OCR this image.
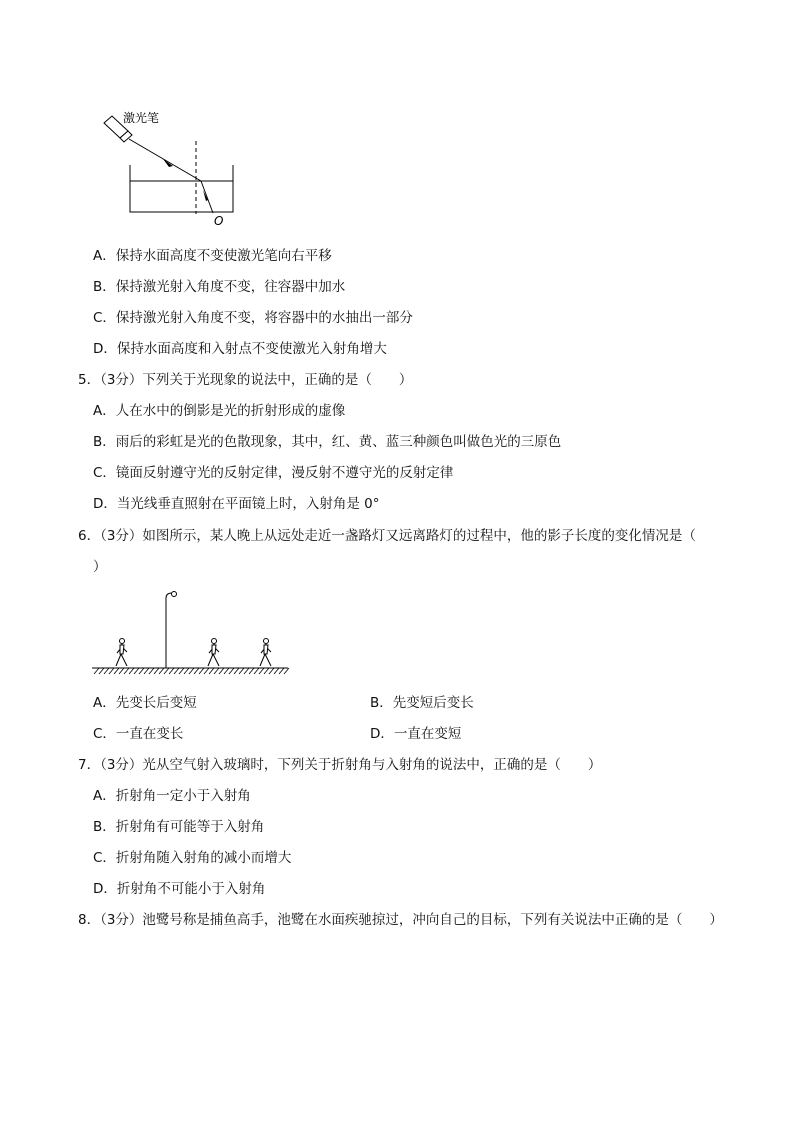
激光笔
O
A．保持水面高度不变使激光笔向右平移
B．保持激光射入角度不变，往容器中加水
C．保持激光射入角度不变，将容器中的水抽出一部分
D．保持水面高度和入射点不变使激光入射角增大
5．（3分）下列关于光现象的说法中，正确的是（　　）
A．人在水中的倒影是光的折射形成的虚像
B．雨后的彩虹是光的色散现象，其中，红、黄、蓝三种颜色叫做色光的三原色
C．镜面反射遵守光的反射定律，漫反射不遵守光的反射定律
D．当光线垂直照射在平面镜上时，入射角是 0°
6．（3分）如图所示，某人晚上从远处走近一盏路灯又远离路灯的过程中，他的影子长度的变化情况是（
）
A．先变长后变短	B．先变短后变长
C．一直在变长	D．一直在变短
7．（3分）光从空气射入玻璃时，下列关于折射角与入射角的说法中，正确的是（　　）
A．折射角一定小于入射角
B．折射角有可能等于入射角
C．折射角随入射角的减小而增大
D．折射角不可能小于入射角
8．（3分）池鹭号称是捕鱼高手，池鹭在水面疾驰掠过，冲向自己的目标，下列有关说法中正确的是（　　）
